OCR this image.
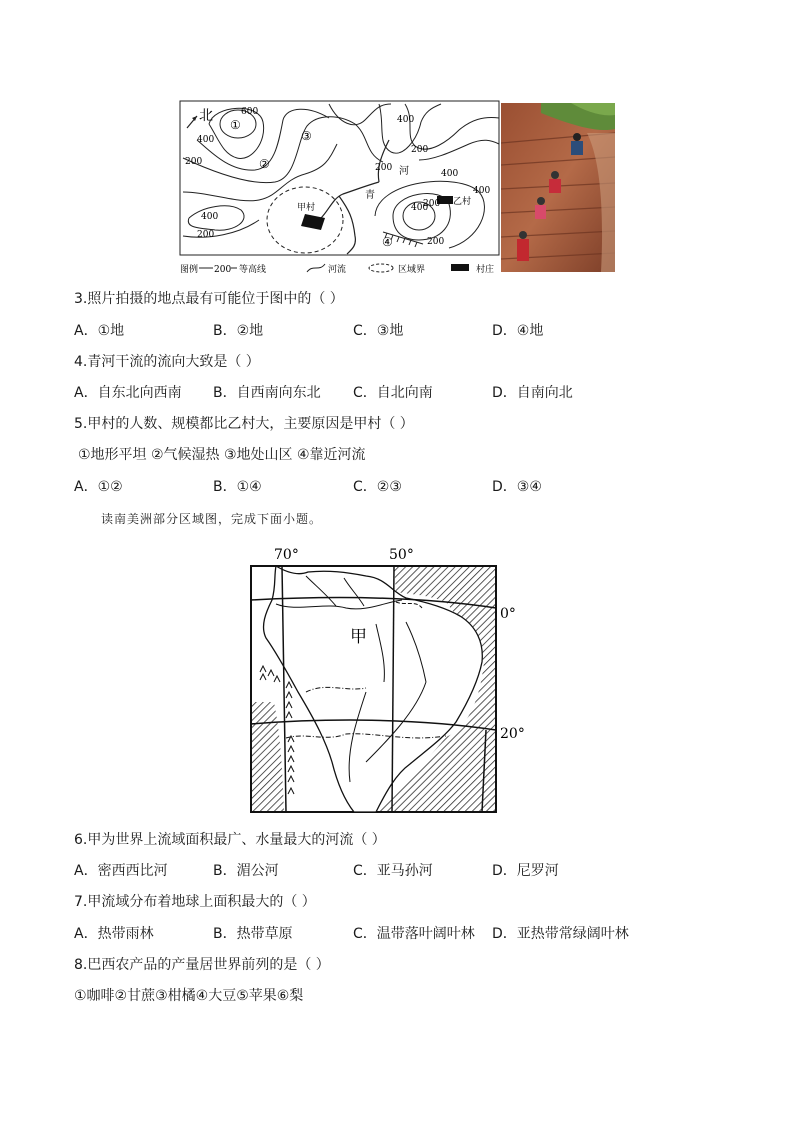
北
①
②
③
④
600
400
200
400
200
400
200
400
200
200
400
400
200
青
河
甲村
乙村
图例 200 等高线	河流	区域界	村庄
3.照片拍摄的地点最有可能位于图中的（ ）
A．①地	B．②地	C．③地	D．④地
4.青河干流的流向大致是（ ）
A．自东北向西南 B．自西南向东北 C．自北向南	D．自南向北
5.甲村的人数、规模都比乙村大，主要原因是甲村（ ）
①地形平坦 ②气候湿热 ③地处山区 ④靠近河流
A．①②	B．①④	C．②③	D．③④
读南美洲部分区域图，完成下面小题。
70°	50°
0°
20°
甲
6.甲为世界上流域面积最广、水量最大的河流（ ）
A．密西西比河	B．湄公河	C．亚马孙河	D．尼罗河
7.甲流域分布着地球上面积最大的（ ）
A．热带雨林	B．热带草原	C．温带落叶阔叶林 D．亚热带常绿阔叶林
8.巴西农产品的产量居世界前列的是（ ）
①咖啡②甘蔗③柑橘④大豆⑤苹果⑥梨
